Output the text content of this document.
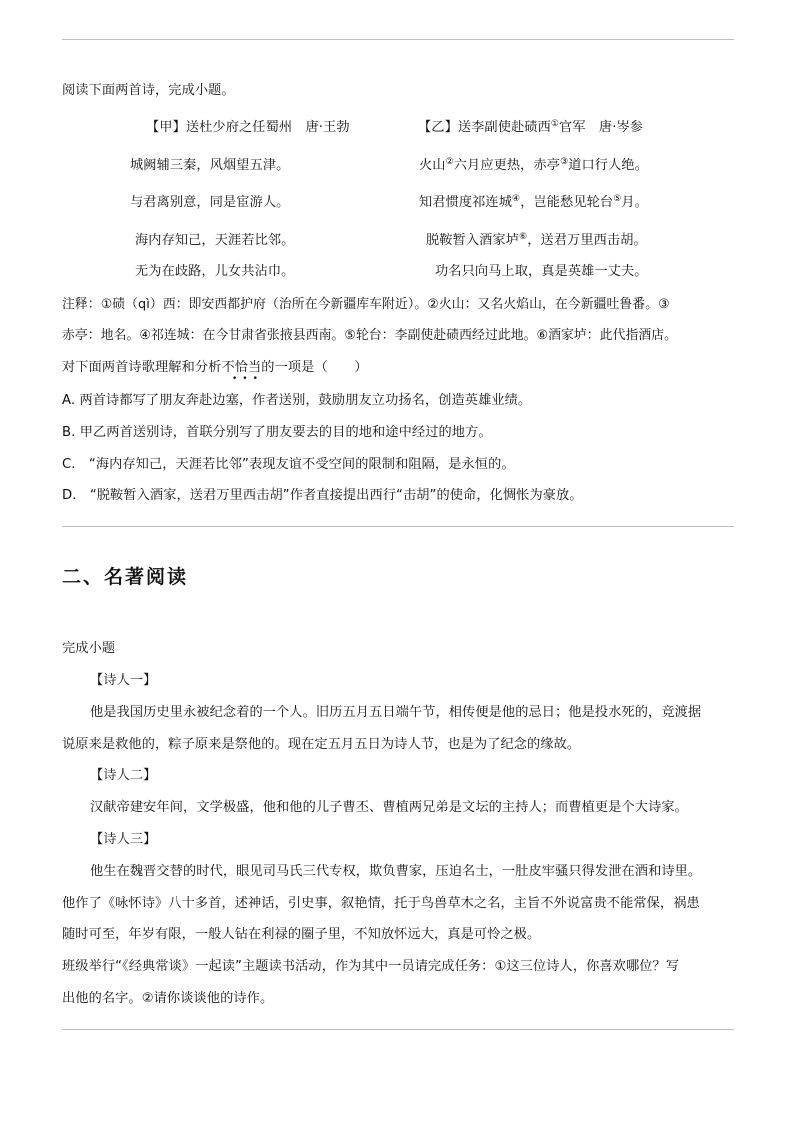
阅读下面两首诗，完成小题。
【甲】送杜少府之任蜀州　唐·王勃	【乙】送李副使赴碛西①官军　唐·岑参
城阙辅三秦，风烟望五津。	火山②六月应更热，赤亭③道口行人绝。
与君离别意，同是宦游人。	知君惯度祁连城④，岂能愁见轮台⑤月。
海内存知己，天涯若比邻。	脱鞍暂入酒家垆⑥，送君万里西击胡。
无为在歧路，儿女共沾巾。	功名只向马上取，真是英雄一丈夫。
注释：①碛（qì）西：即安西都护府（治所在今新疆库车附近）。②火山：又名火焰山，在今新疆吐鲁番。③
赤亭：地名。④祁连城：在今甘肃省张掖县西南。⑤轮台：李副使赴碛西经过此地。⑥酒家垆：此代指酒店。
对下面两首诗歌理解和分析不恰当的一项是（　　）
•••
A. 两首诗都写了朋友奔赴边塞，作者送别，鼓励朋友立功扬名，创造英雄业绩。
B. 甲乙两首送别诗，首联分别写了朋友要去的目的地和途中经过的地方。
C.　“海内存知己，天涯若比邻”表现友谊不受空间的限制和阻隔，是永恒的。
D.　“脱鞍暂入酒家，送君万里西击胡”作者直接提出西行“击胡”的使命，化惆怅为豪放。
二、名著阅读
完成小题
【诗人一】
他是我国历史里永被纪念着的一个人。旧历五月五日端午节，相传便是他的忌日；他是投水死的，竞渡据
说原来是救他的，粽子原来是祭他的。现在定五月五日为诗人节，也是为了纪念的缘故。
【诗人二】
汉献帝建安年间，文学极盛，他和他的儿子曹丕、曹植两兄弟是文坛的主持人；而曹植更是个大诗家。
【诗人三】
他生在魏晋交替的时代，眼见司马氏三代专权，欺负曹家，压迫名士，一肚皮牢骚只得发泄在酒和诗里。
他作了《咏怀诗》八十多首，述神话，引史事，叙艳情，托于鸟兽草木之名，主旨不外说富贵不能常保，祸患
随时可至，年岁有限，一般人钻在利禄的圈子里，不知放怀远大，真是可怜之极。
班级举行“《经典常谈》一起读”主题读书活动，作为其中一员请完成任务：①这三位诗人，你喜欢哪位？写
出他的名字。②请你谈谈他的诗作。
